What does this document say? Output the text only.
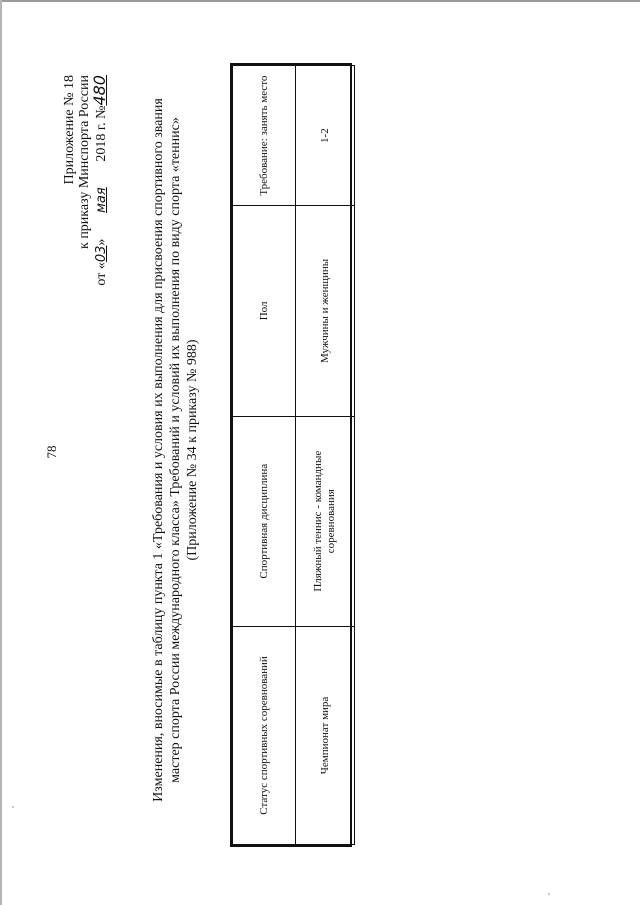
78
Приложение № 18 к приказу Минспорта России
от «03» мая 2018 г. №480
Изменения, вносимые в таблицу пункта 1 «Требования и условия их выполнения для присвоения спортивного звания мастер спорта России международного класса» Требований и условий их выполнения по виду спорта «теннис» (Приложение № 34 к приказу № 988)
Статус спортивных соревнований	Спортивная дисциплина	Пол	Требование: занять место
Чемпионат мира	Пляжный теннис - командные соревнования	Мужчины и женщины	1-2
